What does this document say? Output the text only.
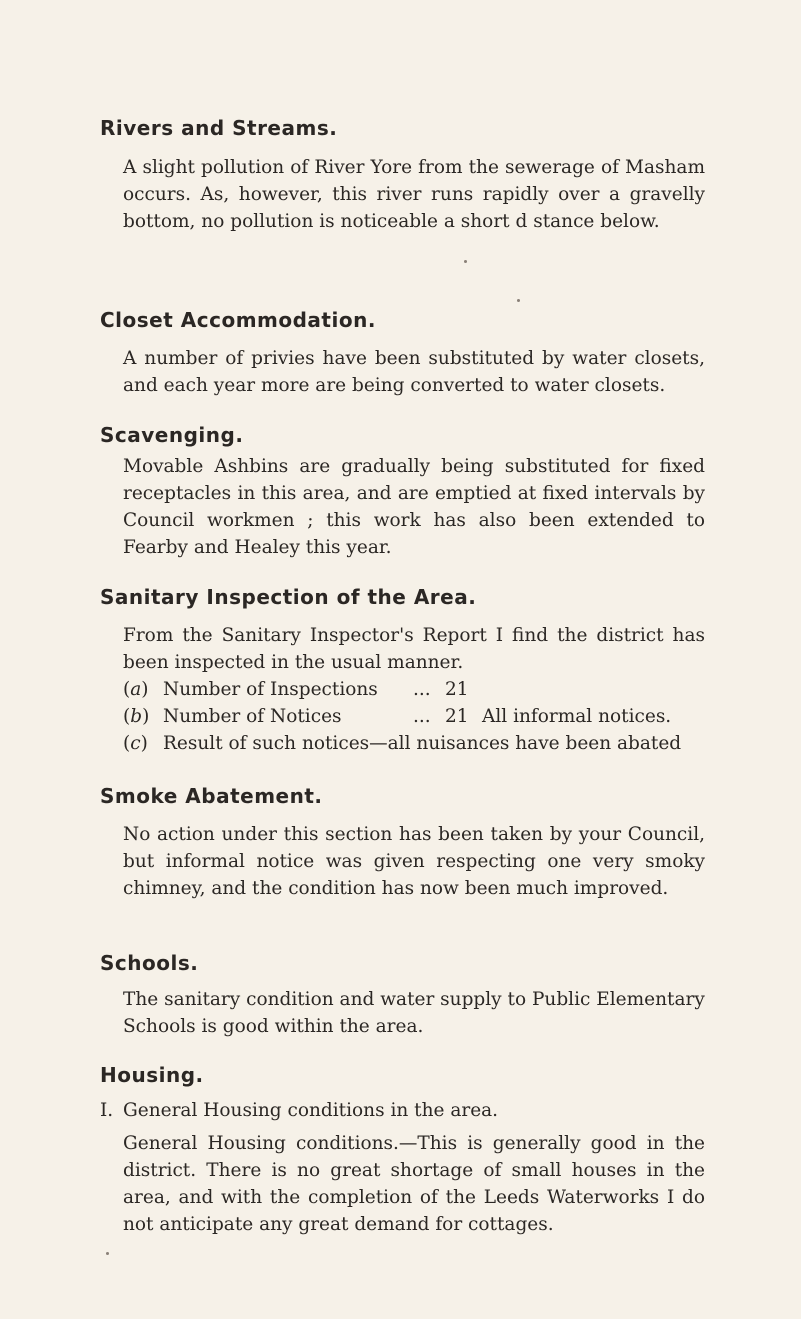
Rivers and Streams.

A slight pollution of River Yore from the sewerage of Masham occurs. As, however, this river runs rapidly over a gravelly bottom, no pollution is noticeable a short d stance below.

Closet Accommodation.

A number of privies have been substituted by water closets, and each year more are being converted to water closets.

Scavenging.

Movable Ashbins are gradually being substituted for fixed receptacles in this area, and are emptied at fixed intervals by Council workmen ; this work has also been extended to Fearby and Healey this year.

Sanitary Inspection of the Area.

From the Sanitary Inspector's Report I find the district has been inspected in the usual manner.

(a) Number of Inspections ... 21
(b) Number of Notices	... 21 All informal notices.
(c) Result of such notices—all nuisances have been abated
Smoke Abatement.

No action under this section has been taken by your Council, but informal notice was given respecting one very smoky chimney, and the condition has now been much improved.

Schools.

The sanitary condition and water supply to Public Elementary Schools is good within the area.

Housing.
I. General Housing conditions in the area.

General Housing conditions.—This is generally good in the district. There is no great shortage of small houses in the area, and with the completion of the Leeds Waterworks I do not anticipate any great demand for cottages.
